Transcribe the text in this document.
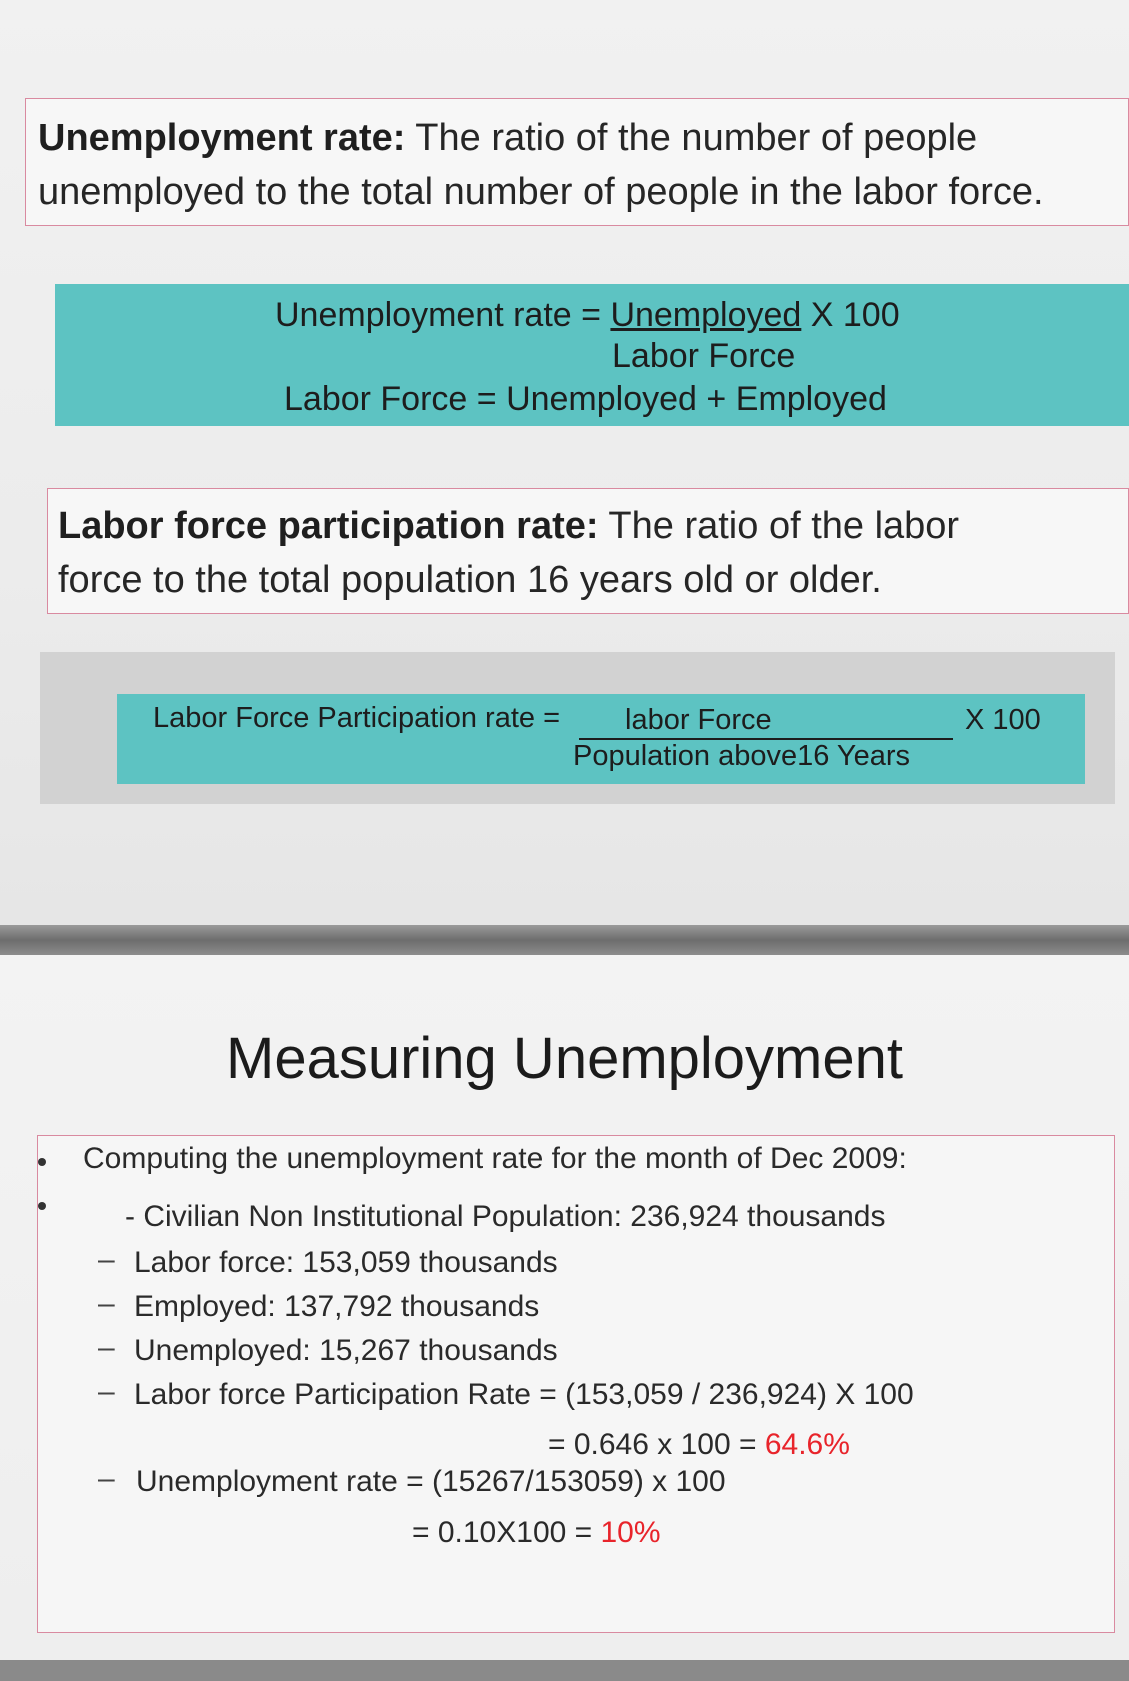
Unemployment rate: The ratio of the number of people
unemployed to the total number of people in the labor force.
Unemployment rate = Unemployed X 100
Labor Force
Labor Force = Unemployed + Employed
Labor force participation rate: The ratio of the labor
force to the total population 16 years old or older.
Labor Force Participation rate = labor Force	X 100
Population above16 Years
Measuring Unemployment
Computing the unemployment rate for the month of Dec 2009:
- Civilian Non Institutional Population: 236,924 thousands
– Labor force: 153,059 thousands
– Employed: 137,792 thousands
– Unemployed: 15,267 thousands
– Labor force Participation Rate = (153,059 / 236,924) X 100
= 0.646 x 100 = 64.6%
– Unemployment rate = (15267/153059) x 100
= 0.10X100 = 10%
